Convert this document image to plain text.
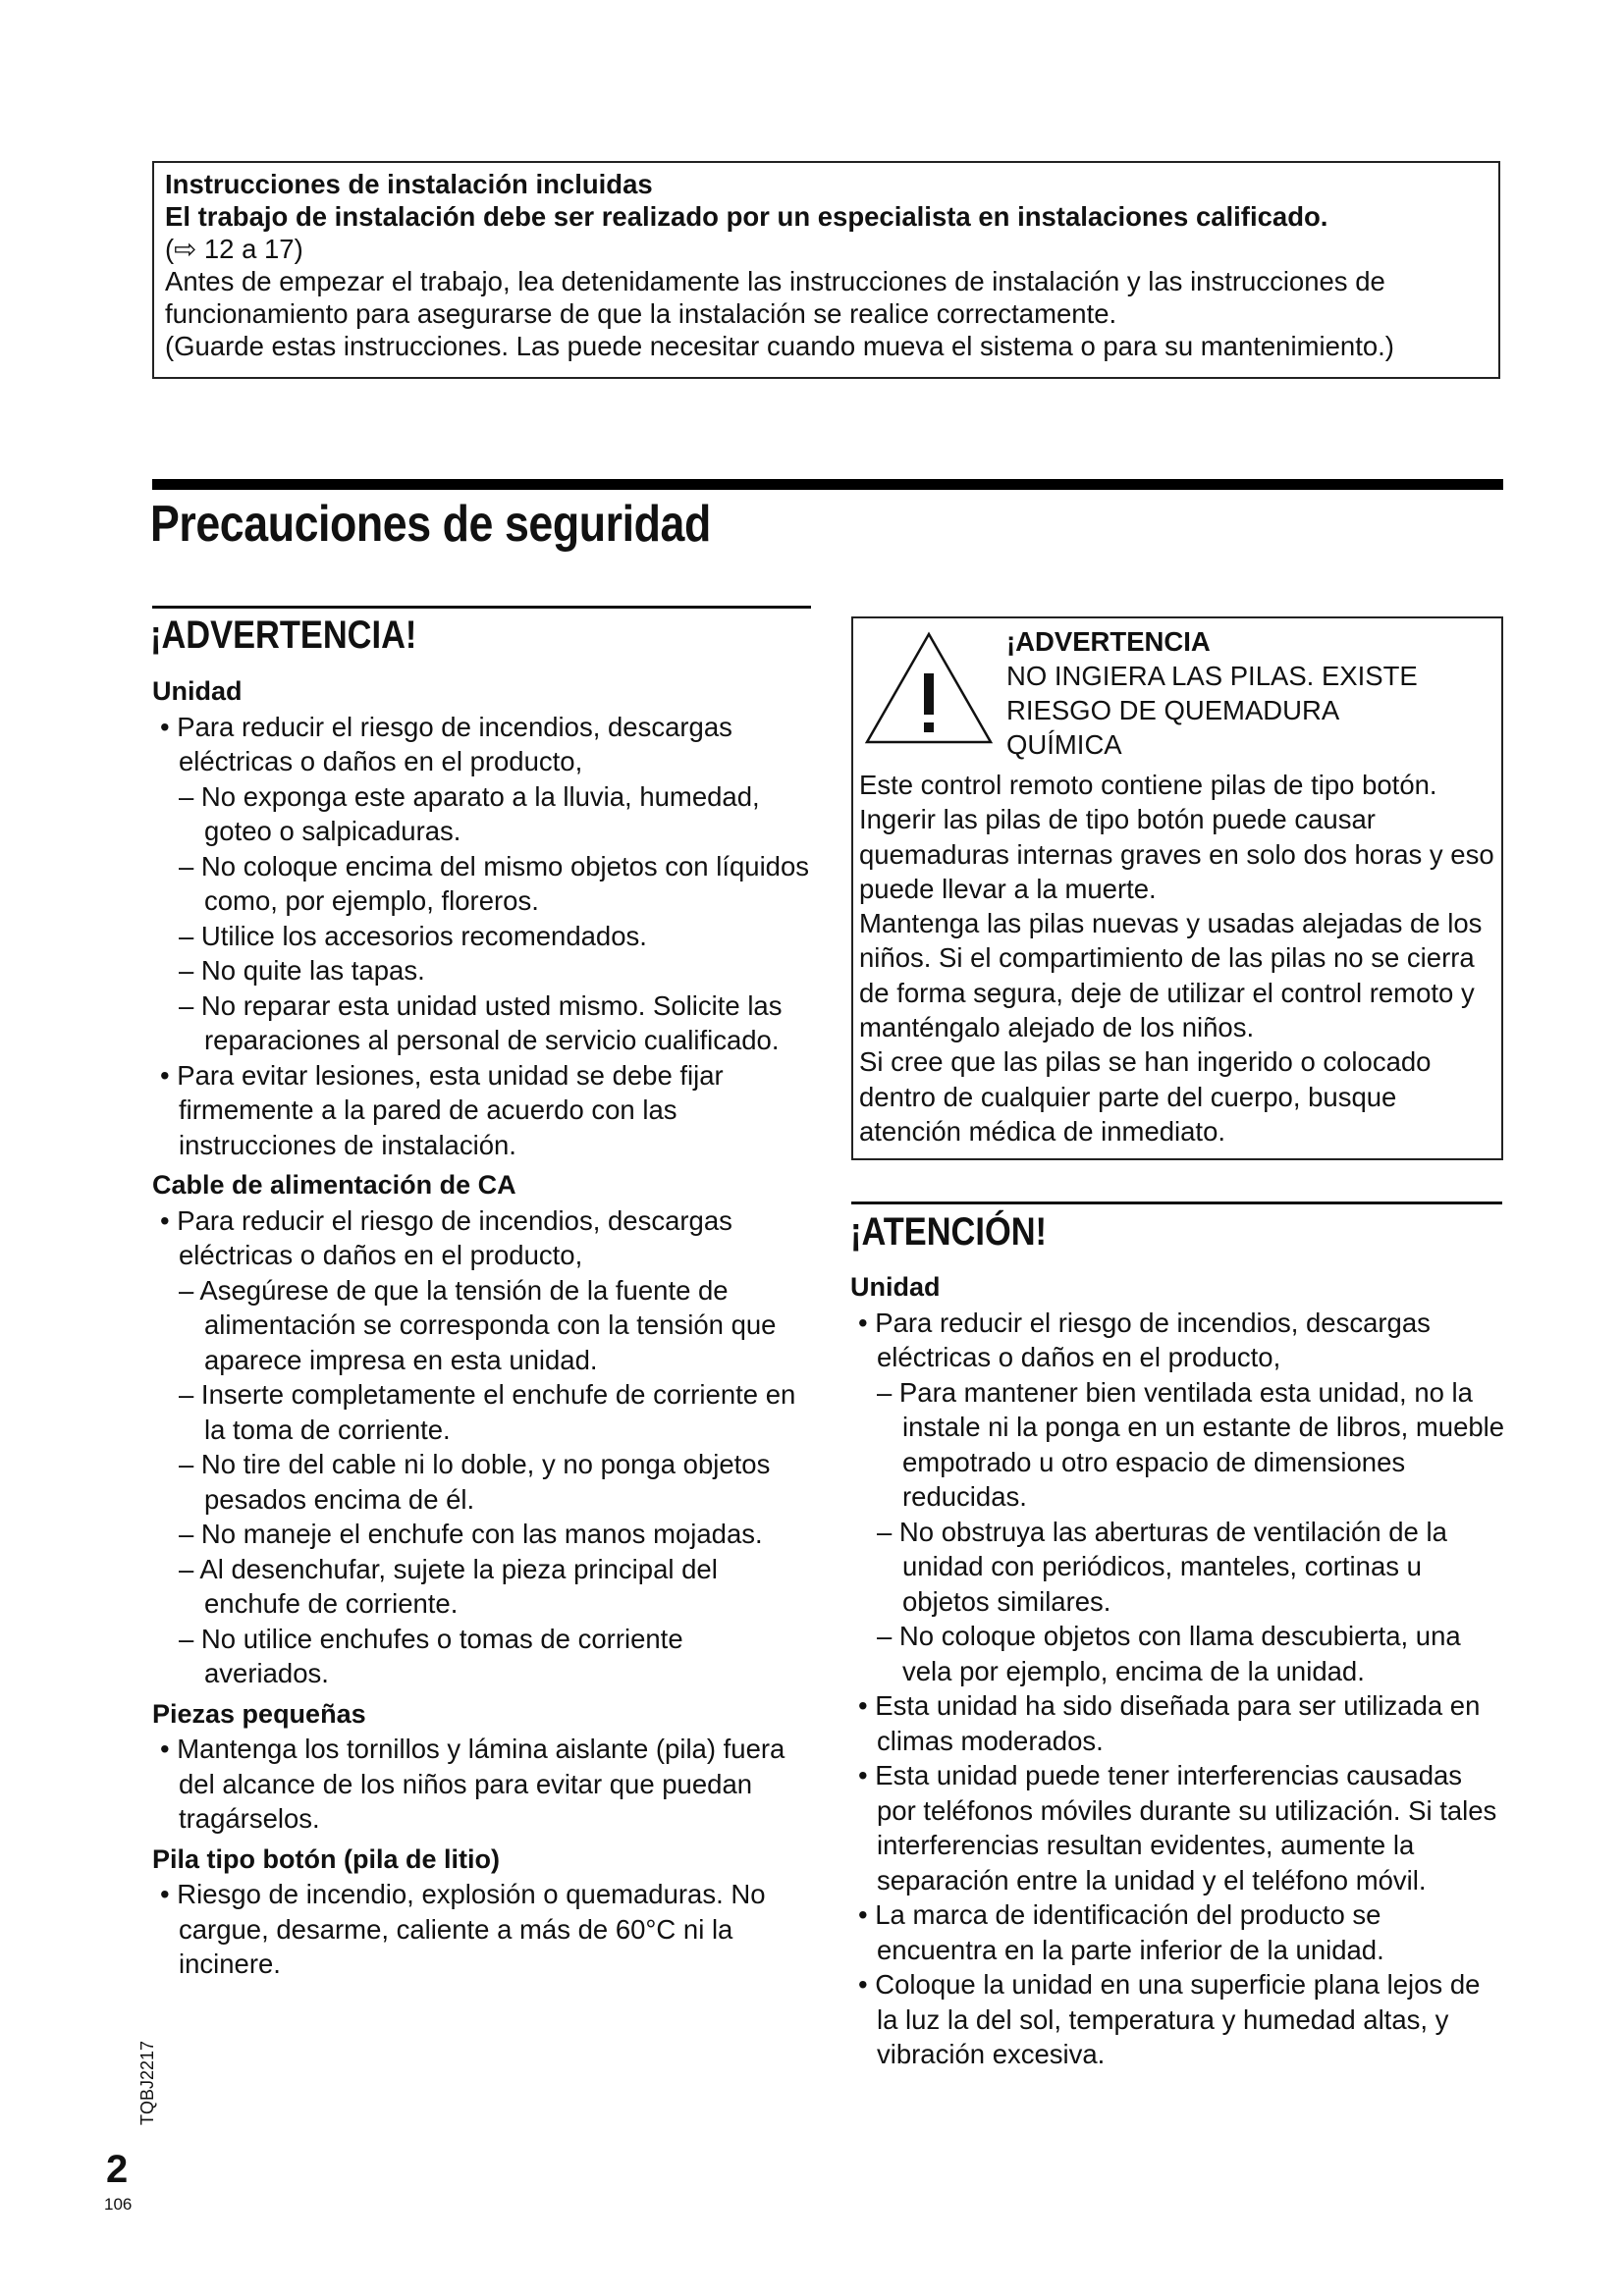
Instrucciones de instalación incluidas
El trabajo de instalación debe ser realizado por un especialista en instalaciones calificado.
(⇨ 12 a 17)
Antes de empezar el trabajo, lea detenidamente las instrucciones de instalación y las instrucciones de funcionamiento para asegurarse de que la instalación se realice correctamente.
(Guarde estas instrucciones. Las puede necesitar cuando mueva el sistema o para su mantenimiento.)
Precauciones de seguridad
¡ADVERTENCIA!
Unidad
• Para reducir el riesgo de incendios, descargas eléctricas o daños en el producto,
– No exponga este aparato a la lluvia, humedad, goteo o salpicaduras.
– No coloque encima del mismo objetos con líquidos como, por ejemplo, floreros.
– Utilice los accesorios recomendados.
– No quite las tapas.
– No reparar esta unidad usted mismo. Solicite las reparaciones al personal de servicio cualificado.
• Para evitar lesiones, esta unidad se debe fijar firmemente a la pared de acuerdo con las instrucciones de instalación.
Cable de alimentación de CA
• Para reducir el riesgo de incendios, descargas eléctricas o daños en el producto,
– Asegúrese de que la tensión de la fuente de alimentación se corresponda con la tensión que aparece impresa en esta unidad.
– Inserte completamente el enchufe de corriente en la toma de corriente.
– No tire del cable ni lo doble, y no ponga objetos pesados encima de él.
– No maneje el enchufe con las manos mojadas.
– Al desenchufar, sujete la pieza principal del enchufe de corriente.
– No utilice enchufes o tomas de corriente averiados.
Piezas pequeñas
• Mantenga los tornillos y lámina aislante (pila) fuera del alcance de los niños para evitar que puedan tragárselos.
Pila tipo botón (pila de litio)
• Riesgo de incendio, explosión o quemaduras. No cargue, desarme, caliente a más de 60°C ni la incinere.
¡ADVERTENCIA
NO INGIERA LAS PILAS. EXISTE
RIESGO DE QUEMADURA
QUÍMICA
Este control remoto contiene pilas de tipo botón. Ingerir las pilas de tipo botón puede causar quemaduras internas graves en solo dos horas y eso puede llevar a la muerte.
Mantenga las pilas nuevas y usadas alejadas de los niños. Si el compartimiento de las pilas no se cierra de forma segura, deje de utilizar el control remoto y manténgalo alejado de los niños.
Si cree que las pilas se han ingerido o colocado dentro de cualquier parte del cuerpo, busque atención médica de inmediato.
¡ATENCIÓN!
Unidad
• Para reducir el riesgo de incendios, descargas eléctricas o daños en el producto,
– Para mantener bien ventilada esta unidad, no la instale ni la ponga en un estante de libros, mueble empotrado u otro espacio de dimensiones reducidas.
– No obstruya las aberturas de ventilación de la unidad con periódicos, manteles, cortinas u objetos similares.
– No coloque objetos con llama descubierta, una vela por ejemplo, encima de la unidad.
• Esta unidad ha sido diseñada para ser utilizada en climas moderados.
• Esta unidad puede tener interferencias causadas por teléfonos móviles durante su utilización. Si tales interferencias resultan evidentes, aumente la separación entre la unidad y el teléfono móvil.
• La marca de identificación del producto se encuentra en la parte inferior de la unidad.
• Coloque la unidad en una superficie plana lejos de la luz la del sol, temperatura y humedad altas, y vibración excesiva.
TQBJ2217
2
106
